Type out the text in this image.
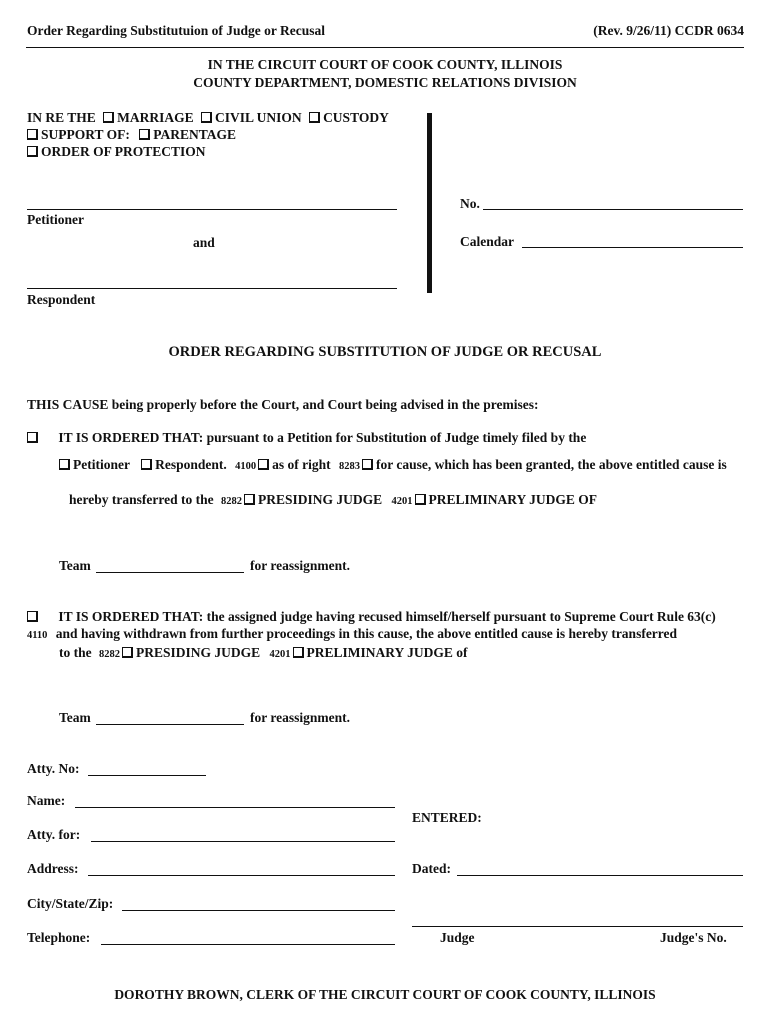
Order Regarding Substitutuion of Judge or Recusal	(Rev. 9/26/11) CCDR 0634
IN THE CIRCUIT COURT OF COOK COUNTY, ILLINOIS
COUNTY DEPARTMENT, DOMESTIC RELATIONS DIVISION
IN RE THE MARRIAGE CIVIL UNION CUSTODY
SUPPORT OF: PARENTAGE
ORDER OF PROTECTION
Petitioner
and
Respondent
No.
Calendar
ORDER REGARDING SUBSTITUTION OF JUDGE OR RECUSAL
THIS CAUSE being properly before the Court, and Court being advised in the premises:
IT IS ORDERED THAT: pursuant to a Petition for Substitution of Judge timely filed by the
Petitioner Respondent. 4100 as of right 8283 for cause, which has been granted, the above entitled cause is
hereby transferred to the 8282 PRESIDING JUDGE 4201 PRELIMINARY JUDGE OF
Team	for reassignment.
IT IS ORDERED THAT: the assigned judge having recused himself/herself pursuant to Supreme Court Rule 63(c)
4110 and having withdrawn from further proceedings in this cause, the above entitled cause is hereby transferred
to the 8282 PRESIDING JUDGE 4201 PRELIMINARY JUDGE of
Team	for reassignment.
Atty. No:
Name:
Atty. for:
Address:
City/State/Zip:
Telephone:
ENTERED:
Dated:
Judge	Judge's No.
DOROTHY BROWN, CLERK OF THE CIRCUIT COURT OF COOK COUNTY, ILLINOIS
